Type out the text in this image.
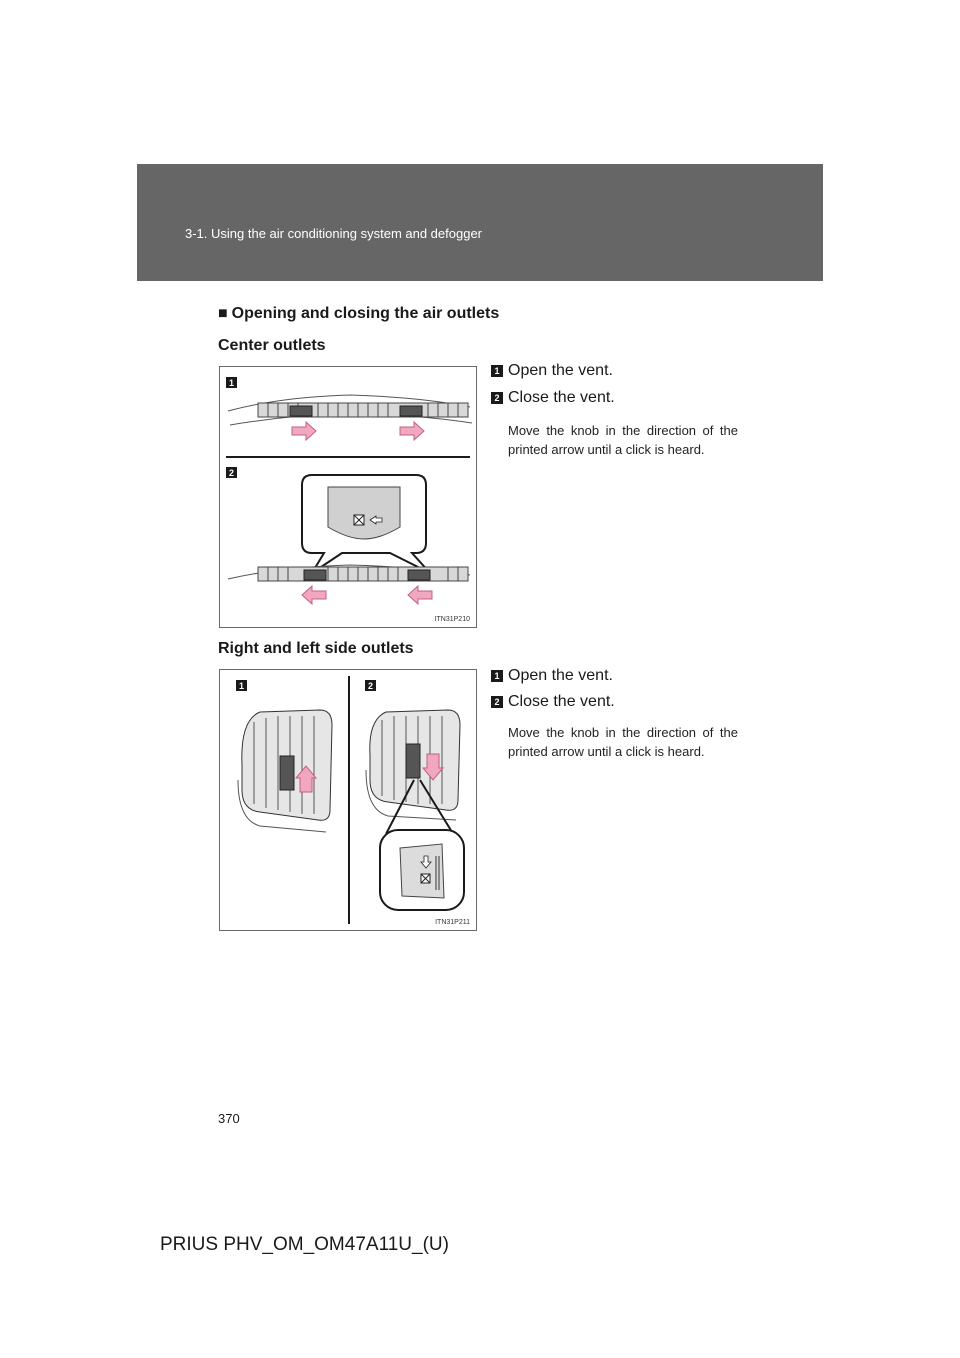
3-1. Using the air conditioning system and defogger
■ Opening and closing the air outlets
Center outlets
1
2
ITN31P210
1 Open the vent.
2 Close the vent.
Move the knob in the direction of the printed arrow until a click is heard.
Right and left side outlets
1	2
ITN31P211
1 Open the vent.
2 Close the vent.
Move the knob in the direction of the printed arrow until a click is heard.
370
PRIUS PHV_OM_OM47A11U_(U)
